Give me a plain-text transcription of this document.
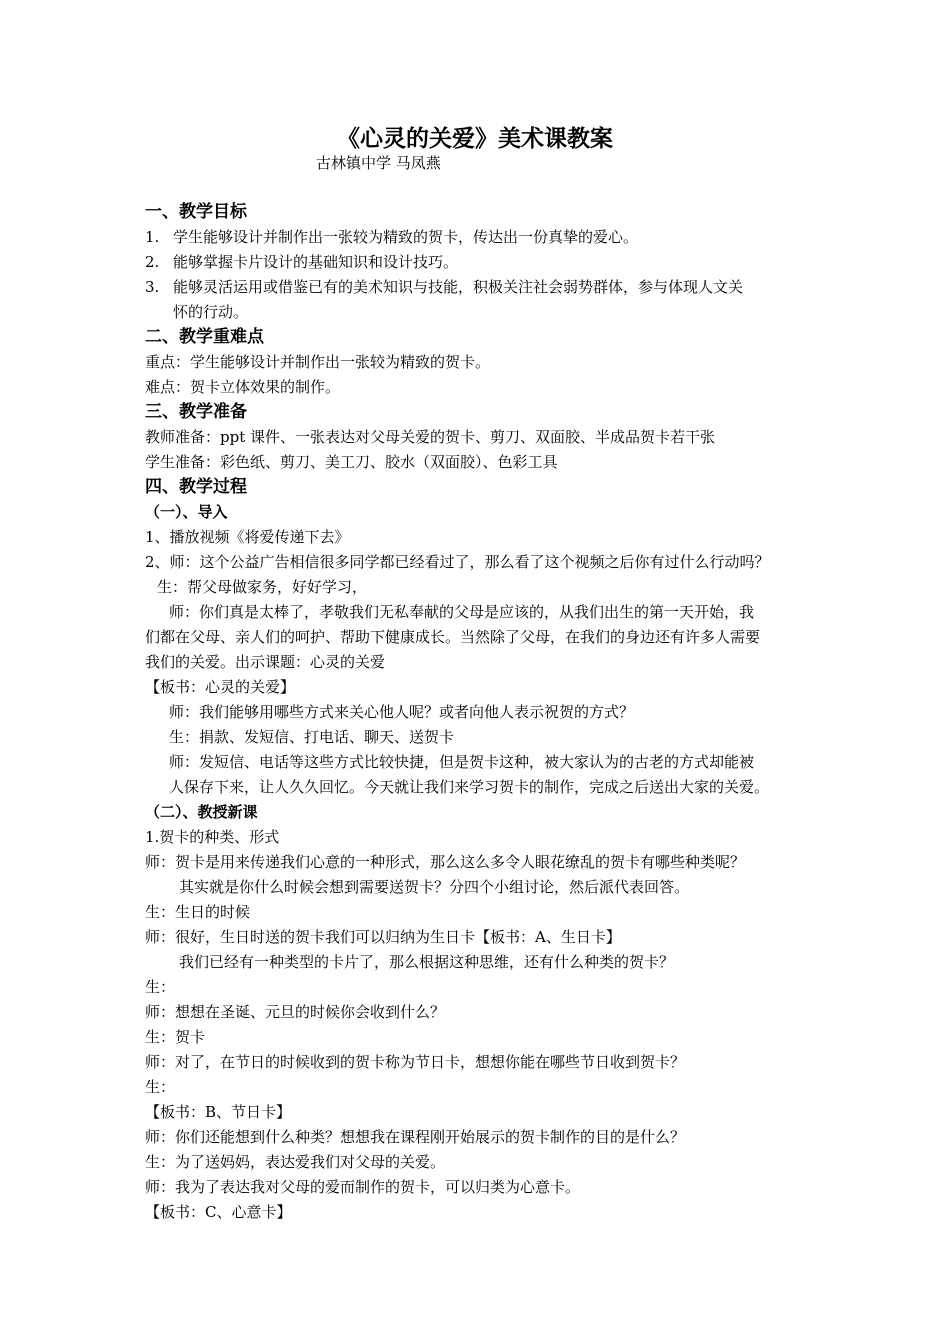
《心灵的关爱》美术课教案
古林镇中学 马凤燕
一、教学目标
1. 学生能够设计并制作出一张较为精致的贺卡，传达出一份真挚的爱心。
2. 能够掌握卡片设计的基础知识和设计技巧。
3. 能够灵活运用或借鉴已有的美术知识与技能，积极关注社会弱势群体，参与体现人文关
怀的行动。
二、教学重难点
重点：学生能够设计并制作出一张较为精致的贺卡。
难点：贺卡立体效果的制作。
三、教学准备
教师准备：ppt 课件、一张表达对父母关爱的贺卡、剪刀、双面胶、半成品贺卡若干张
学生准备：彩色纸、剪刀、美工刀、胶水（双面胶）、色彩工具
四、教学过程
（一）、导入
1、播放视频《将爱传递下去》
2、师：这个公益广告相信很多同学都已经看过了，那么看了这个视频之后你有过什么行动吗？
生：帮父母做家务，好好学习，
师：你们真是太棒了，孝敬我们无私奉献的父母是应该的，从我们出生的第一天开始，我
们都在父母、亲人们的呵护、帮助下健康成长。当然除了父母，在我们的身边还有许多人需要
我们的关爱。出示课题：心灵的关爱
【板书：心灵的关爱】
师：我们能够用哪些方式来关心他人呢？或者向他人表示祝贺的方式？
生：捐款、发短信、打电话、聊天、送贺卡
师：发短信、电话等这些方式比较快捷，但是贺卡这种，被大家认为的古老的方式却能被
人保存下来，让人久久回忆。今天就让我们来学习贺卡的制作，完成之后送出大家的关爱。
（二）、教授新课
1.贺卡的种类、形式
师：贺卡是用来传递我们心意的一种形式，那么这么多令人眼花缭乱的贺卡有哪些种类呢？
其实就是你什么时候会想到需要送贺卡？分四个小组讨论，然后派代表回答。
生：生日的时候
师：很好，生日时送的贺卡我们可以归纳为生日卡【板书：A、生日卡】
我们已经有一种类型的卡片了，那么根据这种思维，还有什么种类的贺卡？
生：
师：想想在圣诞、元旦的时候你会收到什么？
生：贺卡
师：对了，在节日的时候收到的贺卡称为节日卡，想想你能在哪些节日收到贺卡？
生：
【板书：B、节日卡】
师：你们还能想到什么种类？想想我在课程刚开始展示的贺卡制作的目的是什么？
生：为了送妈妈，表达爱我们对父母的关爱。
师：我为了表达我对父母的爱而制作的贺卡，可以归类为心意卡。
【板书：C、心意卡】
